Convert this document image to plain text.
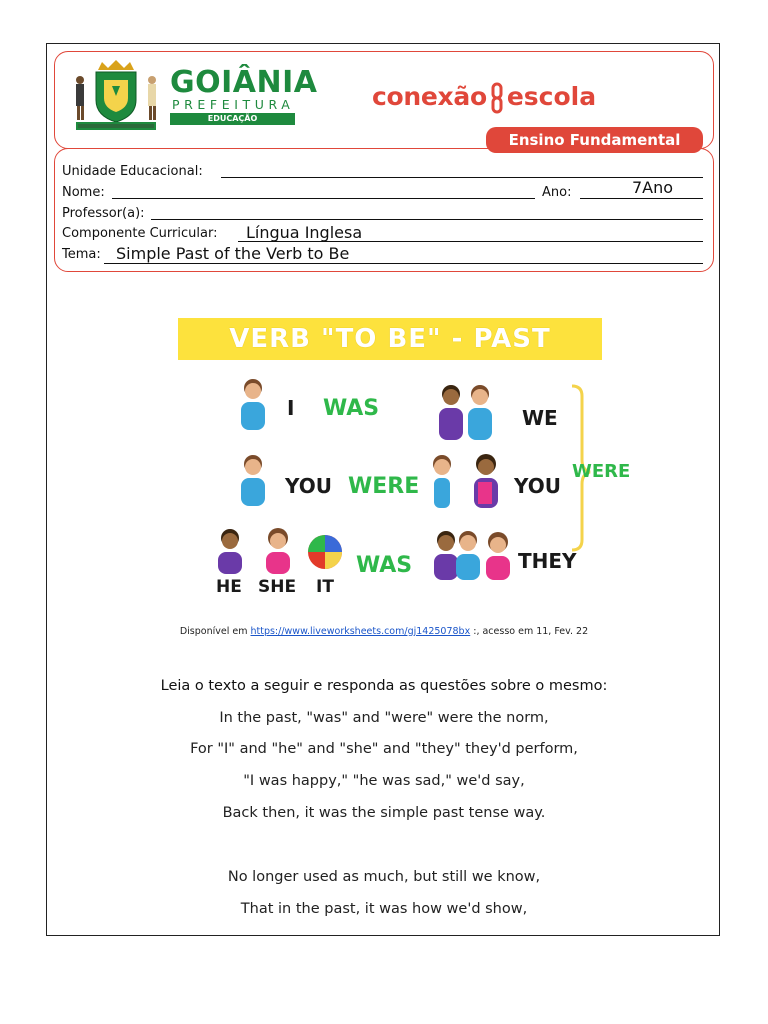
GOIÂNIA
PREFEITURA
EDUCAÇÃO
conexão escola
Ensino Fundamental
Unidade Educacional:
Nome:	Ano:	7Ano
Professor(a):
Componente Curricular: Língua Inglesa
Tema: Simple Past of the Verb to Be
VERB "TO BE" - PAST
I WAS
YOU WERE
HE SHE IT
WAS
WE
YOU
THEY
WERE
Disponível em https://www.liveworksheets.com/gj1425078bx :, acesso em 11, Fev. 22
Leia o texto a seguir e responda as questões sobre o mesmo:
In the past, "was" and "were" were the norm,
For "I" and "he" and "she" and "they" they'd perform,
"I was happy," "he was sad," we'd say,
Back then, it was the simple past tense way.
No longer used as much, but still we know,
That in the past, it was how we'd show,
